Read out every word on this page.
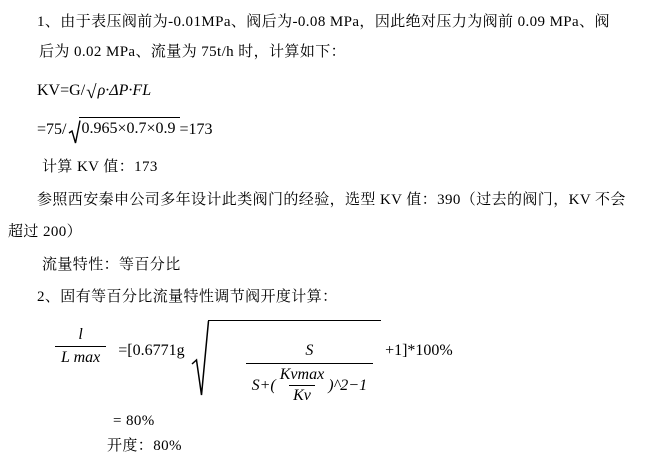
1、由于表压阀前为-0.01MPa、阀后为-0.08 MPa，因此绝对压力为阀前 0.09 MPa、阀
后为 0.02 MPa、流量为 75t/h 时，计算如下：
KV=G/ √ ρ·ΔP·FL
=75/ 0.965×0.7×0.9 =173
计算 KV 值：173
参照西安秦申公司多年设计此类阀门的经验，选型 KV 值：390（过去的阀门，KV 不会
超过 200）
流量特性：等百分比
2、固有等百分比流量特性调节阀开度计算：
$\frac{l}{\text{L max}} =[0.6771g$

	S
$S+( \frac{Kvmax}{Kv}$ )^2−1

+1]*100%
= 80%
开度：80%
